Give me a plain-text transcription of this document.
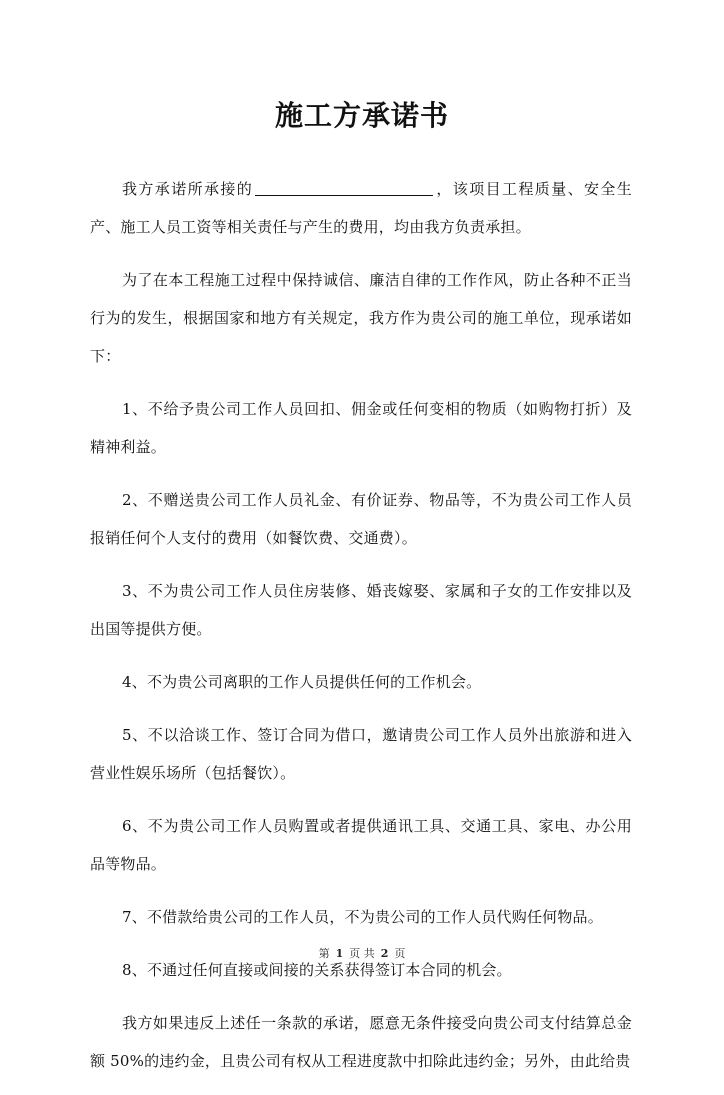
施工方承诺书

我方承诺所承接的	，该项目工程质量、安全生产、施工人员工资等相关责任与产生的费用，均由我方负责承担。

为了在本工程施工过程中保持诚信、廉洁自律的工作作风，防止各种不正当行为的发生，根据国家和地方有关规定，我方作为贵公司的施工单位，现承诺如下：

1、不给予贵公司工作人员回扣、佣金或任何变相的物质（如购物打折）及精神利益。

2、不赠送贵公司工作人员礼金、有价证券、物品等，不为贵公司工作人员报销任何个人支付的费用（如餐饮费、交通费）。

3、不为贵公司工作人员住房装修、婚丧嫁娶、家属和子女的工作安排以及出国等提供方便。

4、不为贵公司离职的工作人员提供任何的工作机会。

5、不以洽谈工作、签订合同为借口，邀请贵公司工作人员外出旅游和进入营业性娱乐场所（包括餐饮）。

6、不为贵公司工作人员购置或者提供通讯工具、交通工具、家电、办公用品等物品。

7、不借款给贵公司的工作人员，不为贵公司的工作人员代购任何物品。

8、不通过任何直接或间接的关系获得签订本合同的机会。

我方如果违反上述任一条款的承诺，愿意无条件接受向贵公司支付结算总金额 50%的违约金，且贵公司有权从工程进度款中扣除此违约金；另外，由此给贵

第 1 页 共 2 页
